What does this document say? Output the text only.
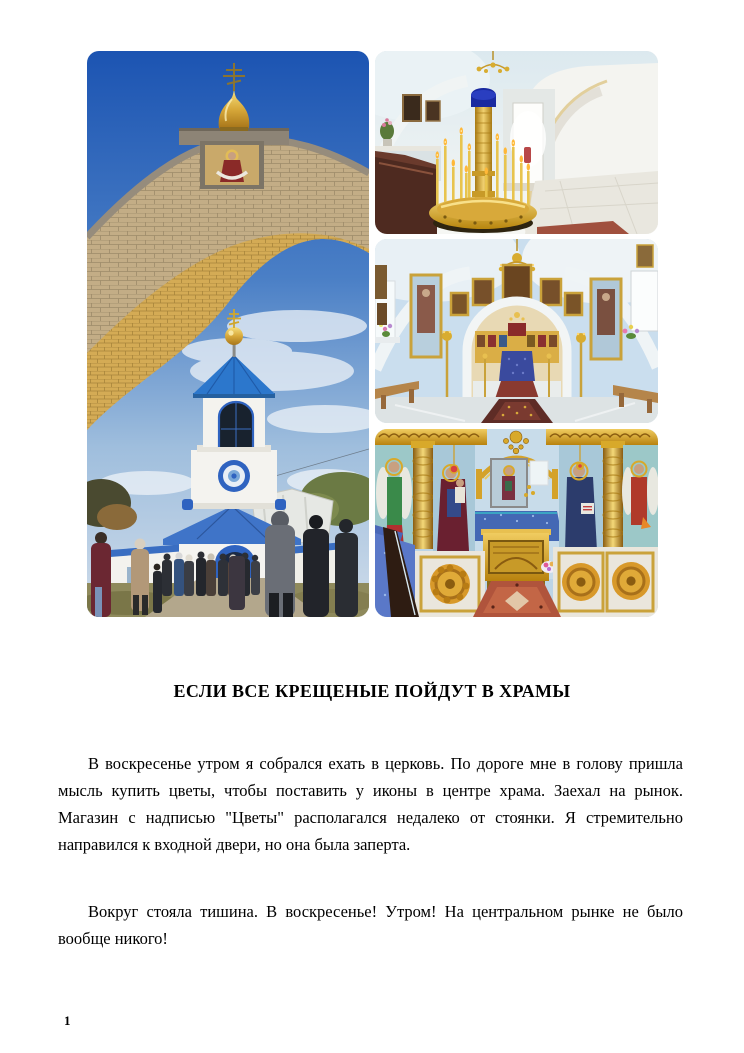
ЕСЛИ ВСЕ КРЕЩЕНЫЕ ПОЙДУТ В ХРАМЫ

В воскресенье утром я собрался ехать в церковь. По дороге мне в голову пришла мысль купить цветы, чтобы поставить у иконы в центре храма. Заехал на рынок. Магазин с надписью "Цветы" располагался недалеко от стоянки. Я стремительно направился к входной двери, но она была заперта.

Вокруг стояла тишина. В воскресенье! Утром! На центральном рынке не было вообще никого!

1
